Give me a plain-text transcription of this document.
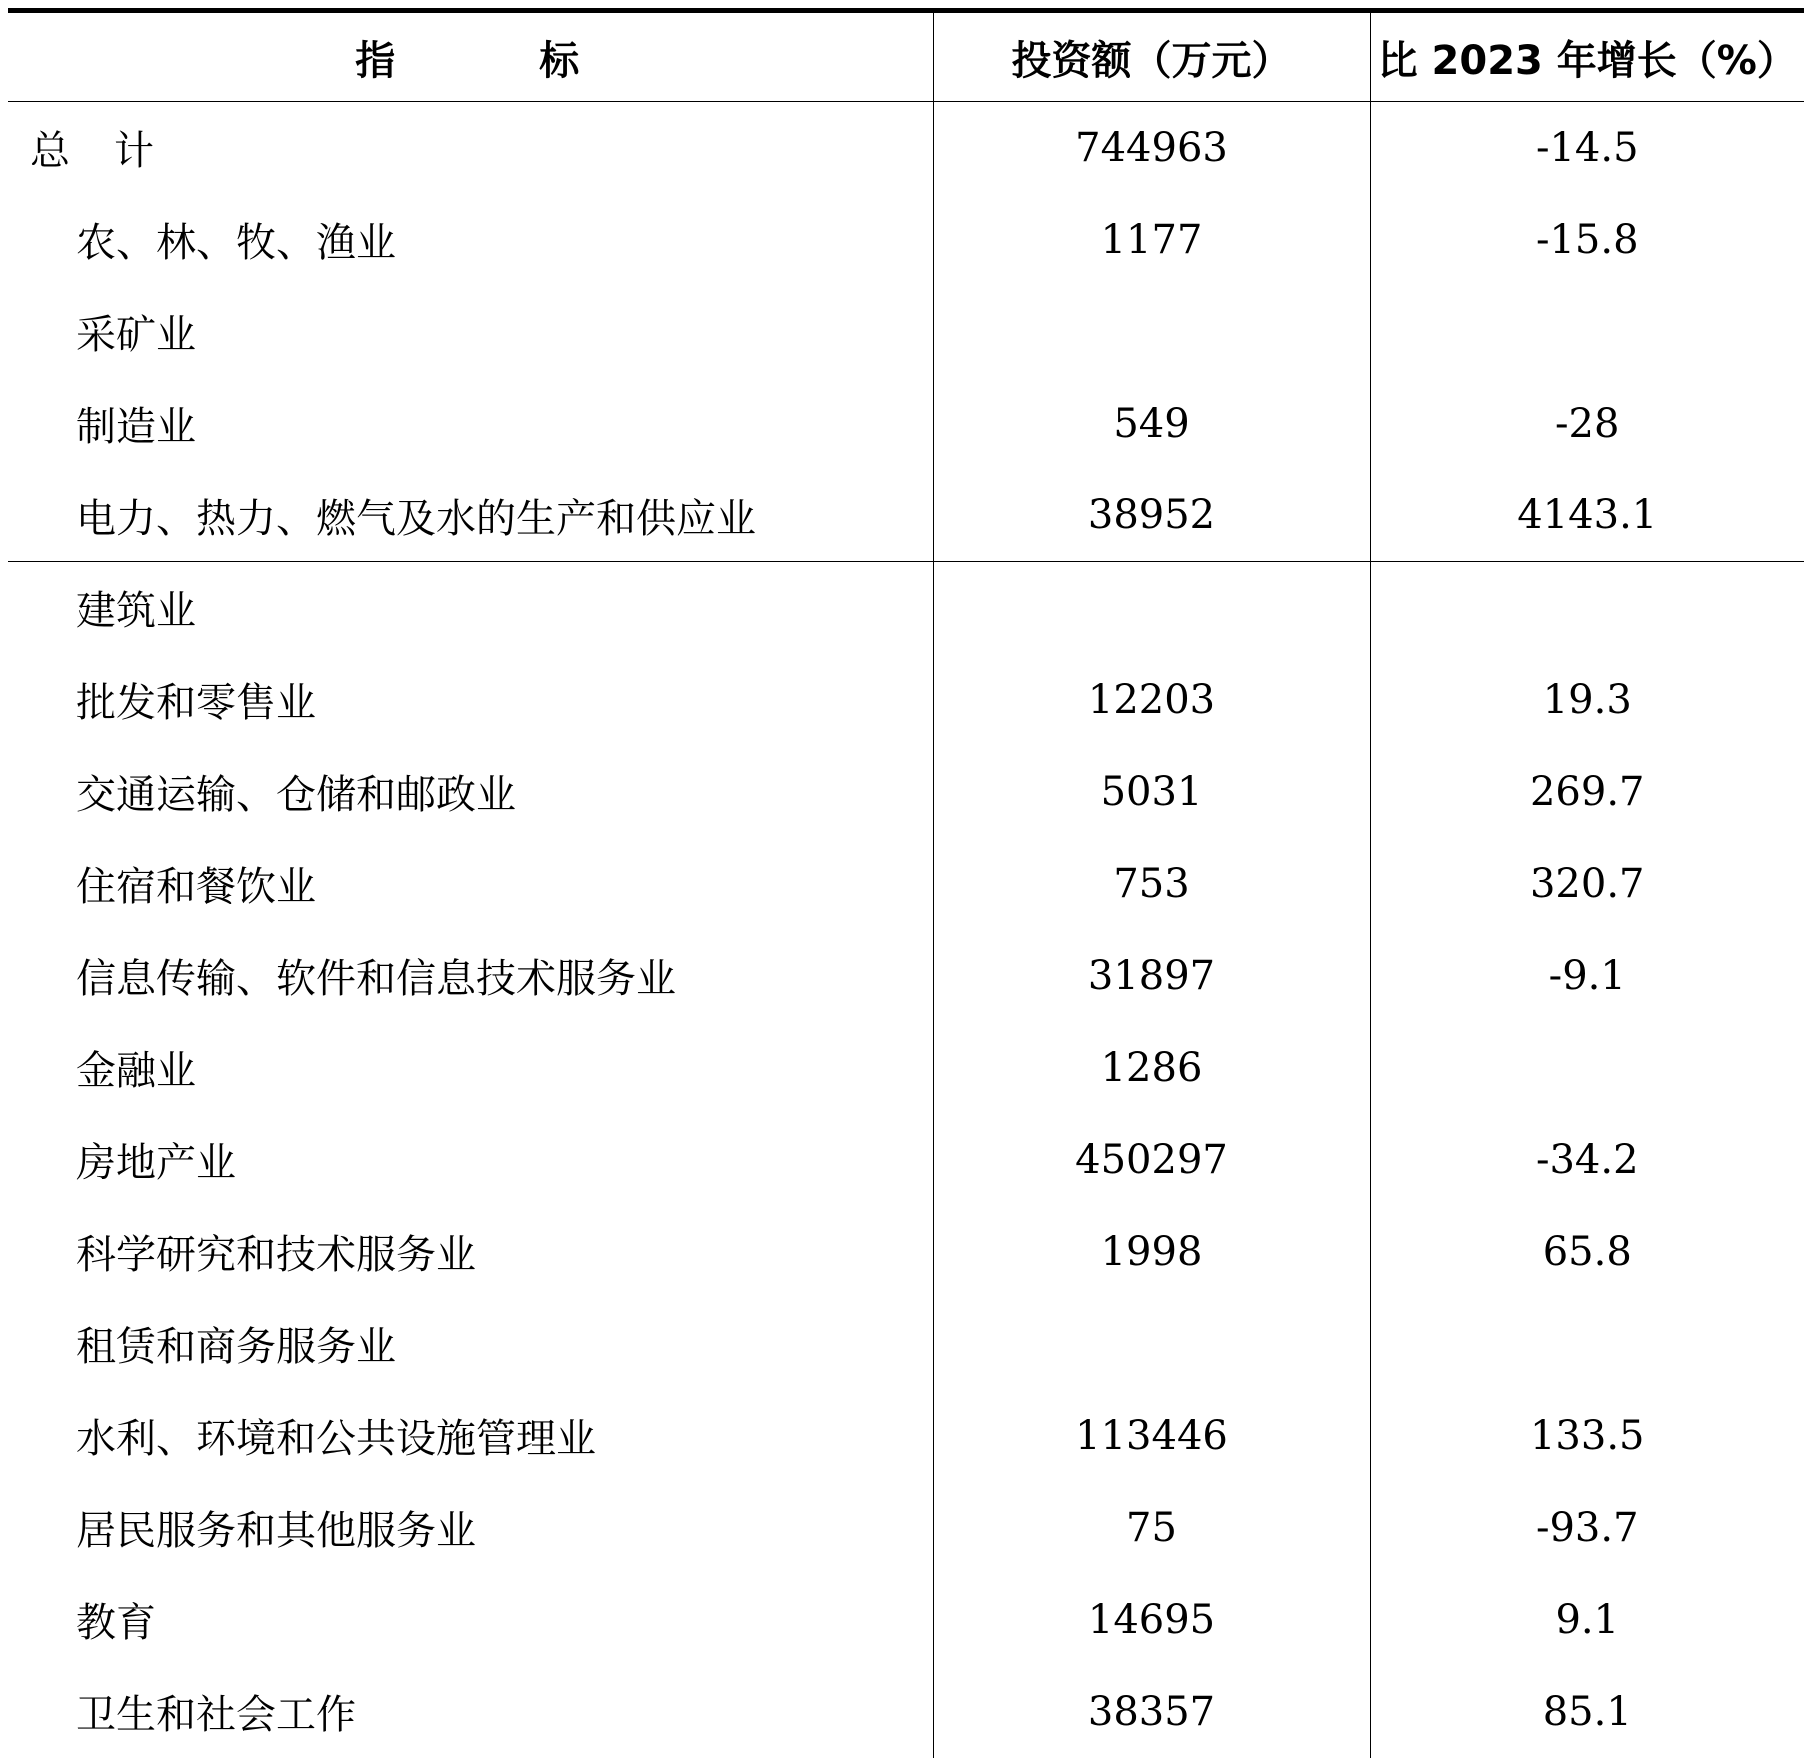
指　　　标	投资额（万元）	比 2023 年增长（%）
总　计	744963	-14.5
农、林、牧、渔业	1177	-15.8
采矿业		
制造业	549	-28
电力、热力、燃气及水的生产和供应业	38952	4143.1
建筑业		
批发和零售业	12203	19.3
交通运输、仓储和邮政业	5031	269.7
住宿和餐饮业	753	320.7
信息传输、软件和信息技术服务业	31897	-9.1
金融业	1286	
房地产业	450297	-34.2
科学研究和技术服务业	1998	65.8
租赁和商务服务业		
水利、环境和公共设施管理业	113446	133.5
居民服务和其他服务业	75	-93.7
教育	14695	9.1
卫生和社会工作	38357	85.1
